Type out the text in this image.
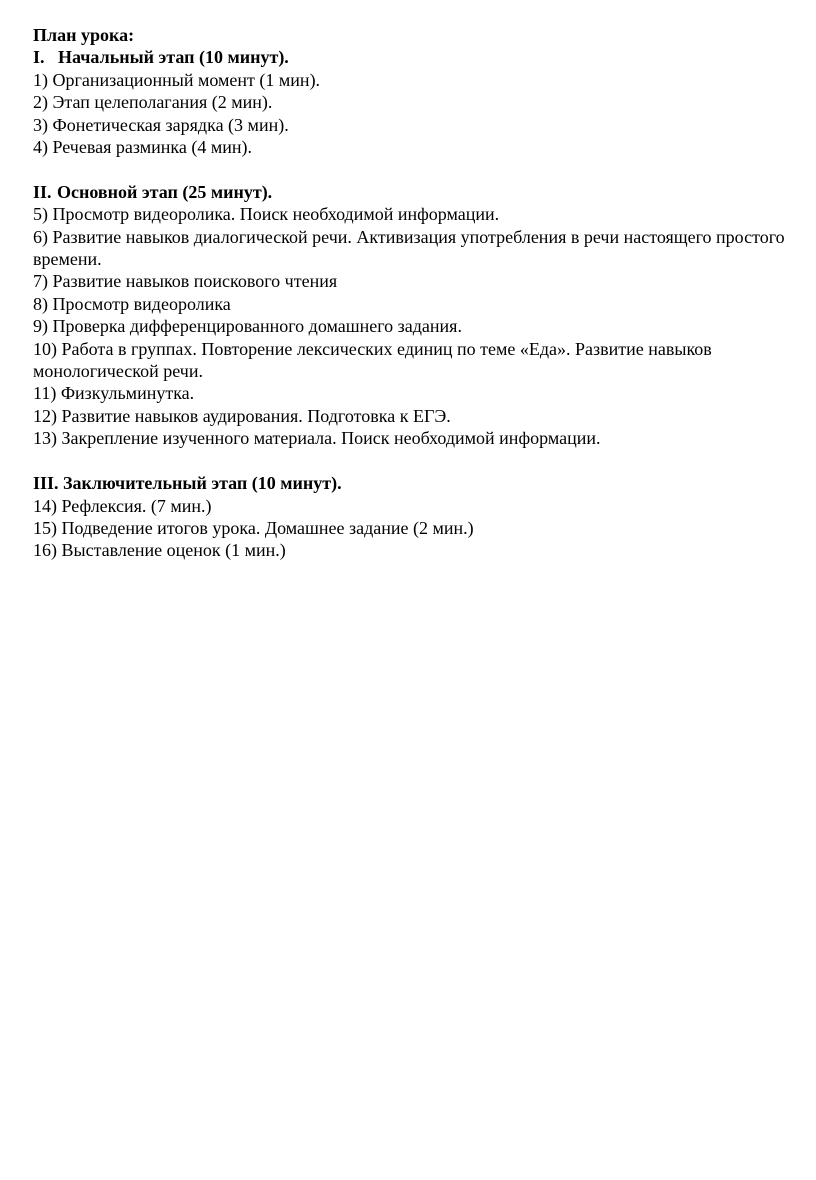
План урока:
I. Начальный этап (10 минут).
1) Организационный момент (1 мин).
2) Этап целеполагания (2 мин).
3) Фонетическая зарядка (3 мин).
4) Речевая разминка (4 мин).
II. Основной этап (25 минут).
5) Просмотр видеоролика. Поиск необходимой информации.
6) Развитие навыков диалогической речи. Активизация употребления в речи настоящего простого времени.
7) Развитие навыков поискового чтения
8) Просмотр видеоролика
9) Проверка дифференцированного домашнего задания.
10) Работа в группах. Повторение лексических единиц по теме «Еда». Развитие навыков монологической речи.
11) Физкульминутка.
12) Развитие навыков аудирования. Подготовка к ЕГЭ.
13) Закрепление изученного материала. Поиск необходимой информации.
III.
Заключительный этап (10 минут).
14) Рефлексия. (7 мин.)
15) Подведение итогов урока. Домашнее задание (2 мин.)
16) Выставление оценок (1 мин.)
